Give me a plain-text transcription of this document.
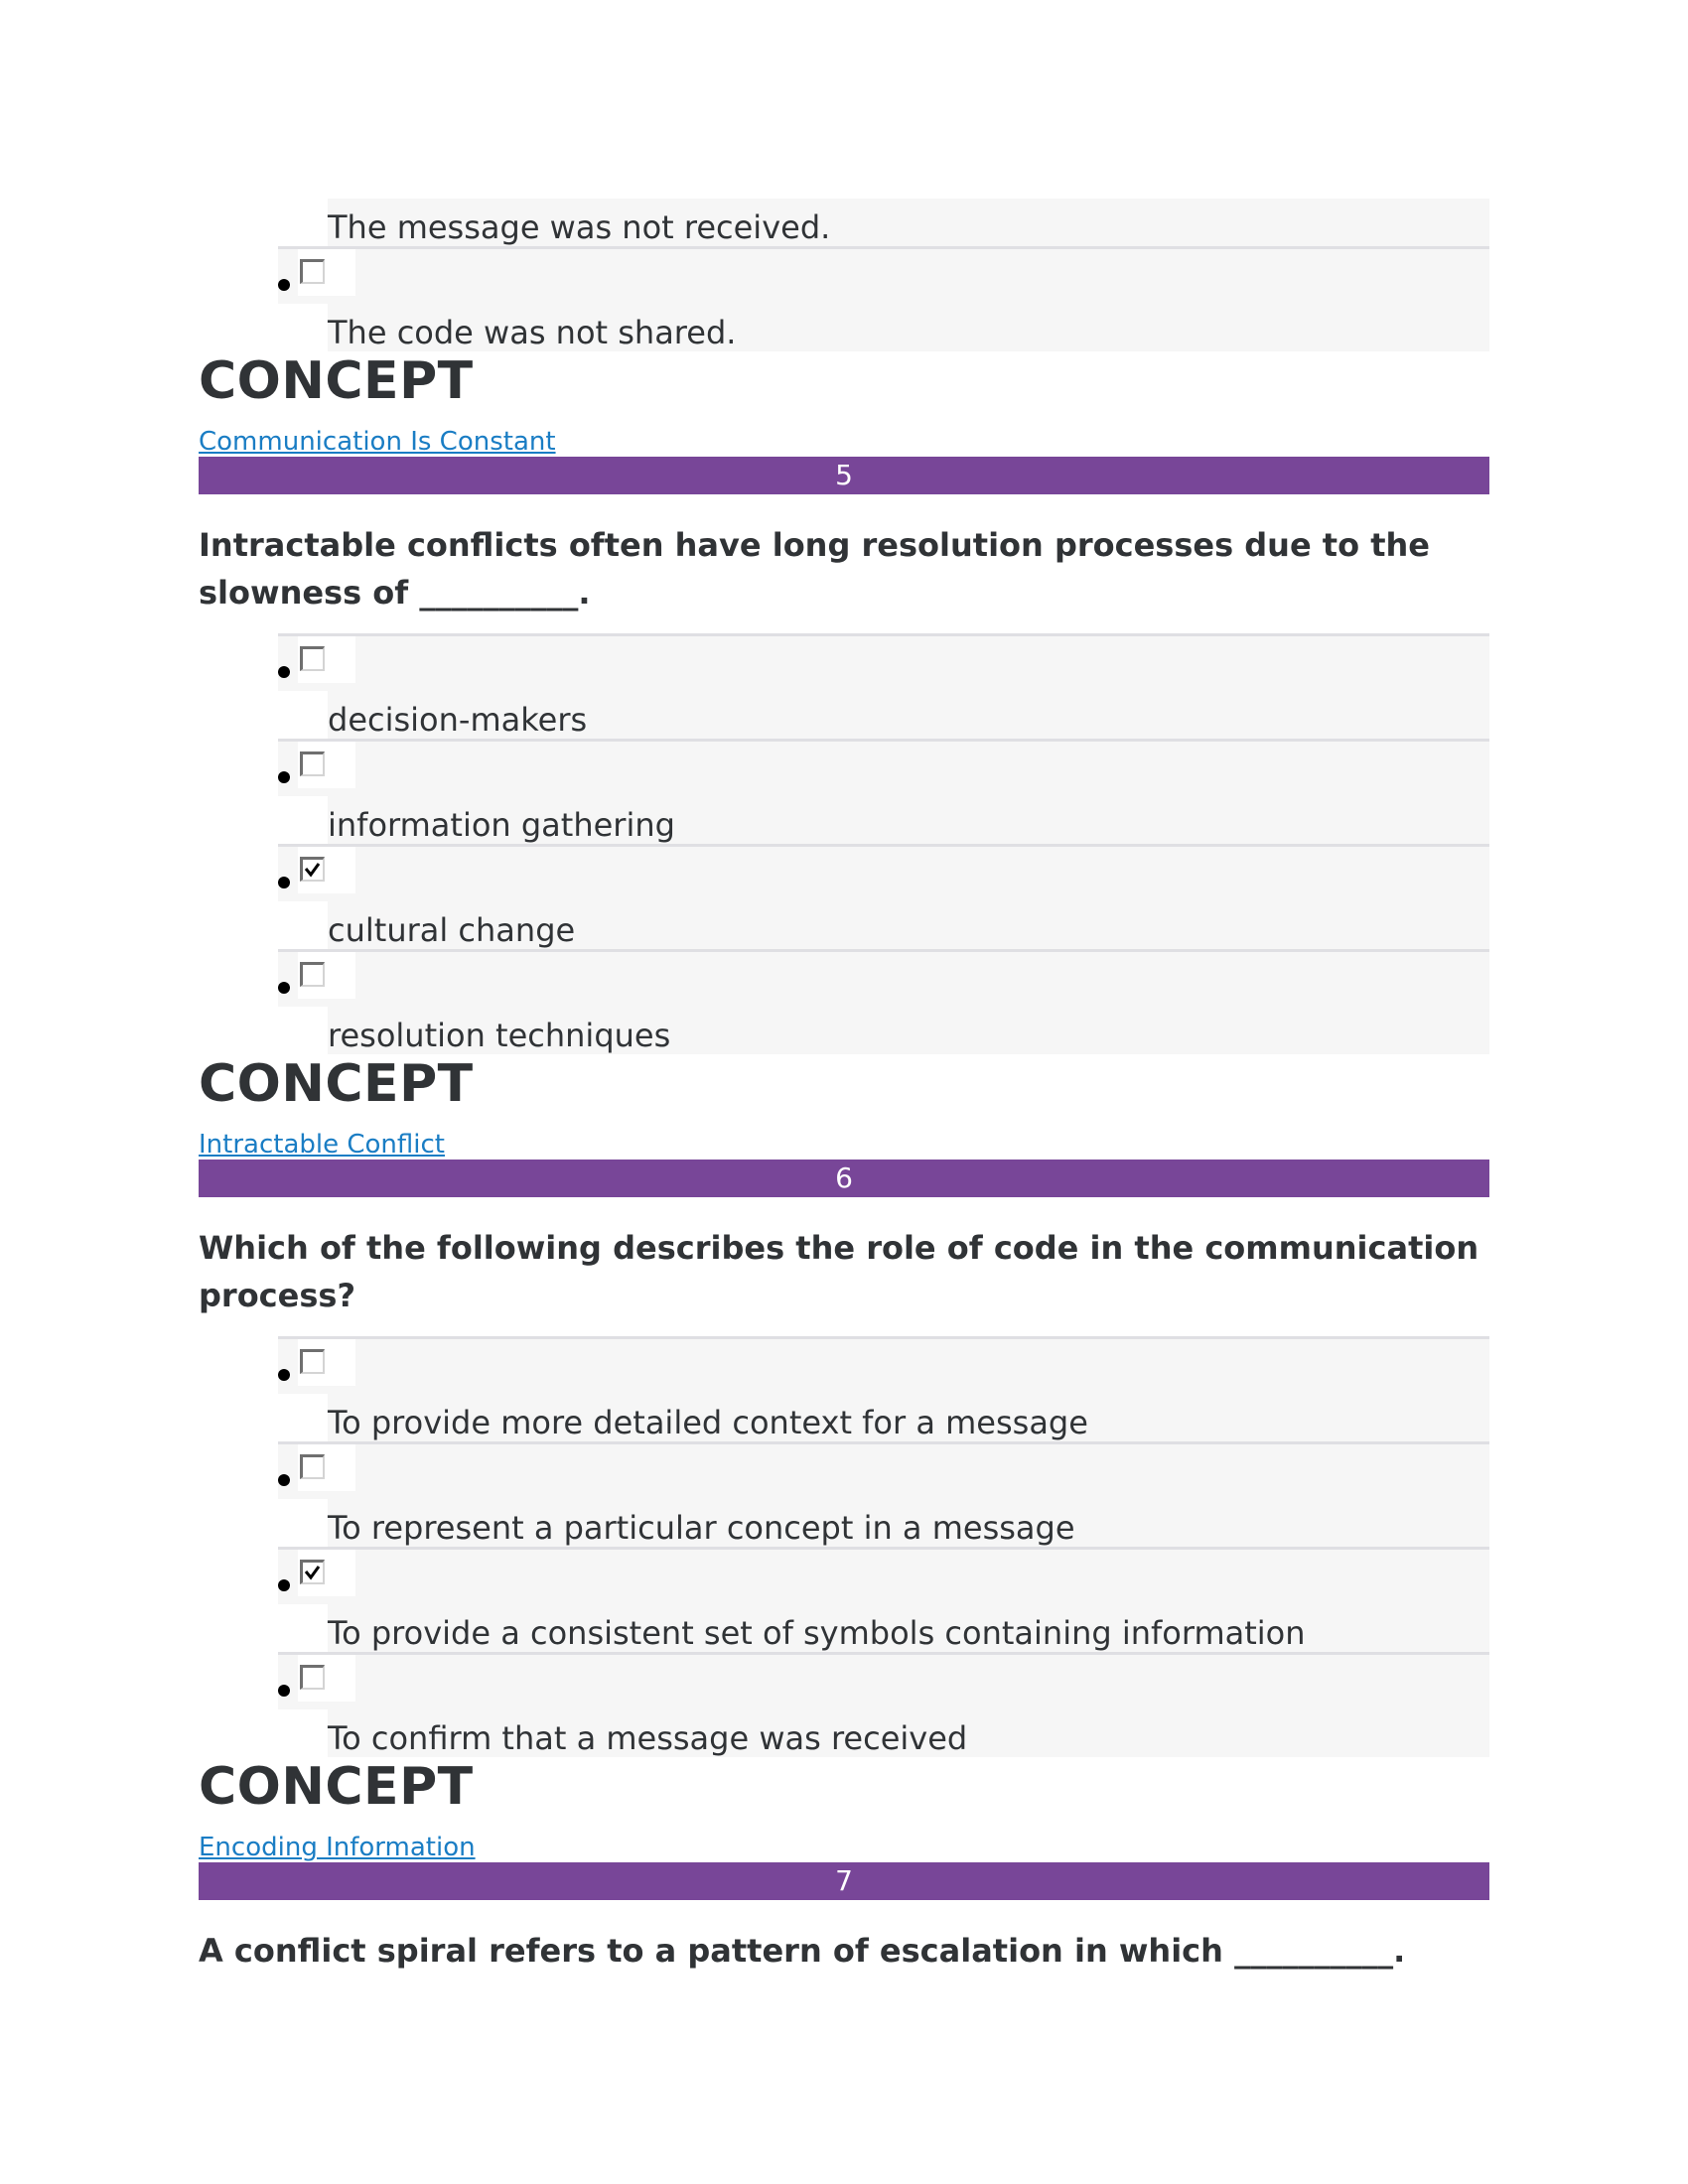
The message was not received.
The code was not shared.
CONCEPT
Communication Is Constant
5
Intractable conflicts often have long resolution processes due to the slowness of __________.
decision-makers
information gathering
cultural change
resolution techniques
CONCEPT
Intractable Conflict
6
Which of the following describes the role of code in the communication process?
To provide more detailed context for a message
To represent a particular concept in a message
To provide a consistent set of symbols containing information
To confirm that a message was received
CONCEPT
Encoding Information
7
A conflict spiral refers to a pattern of escalation in which __________.
